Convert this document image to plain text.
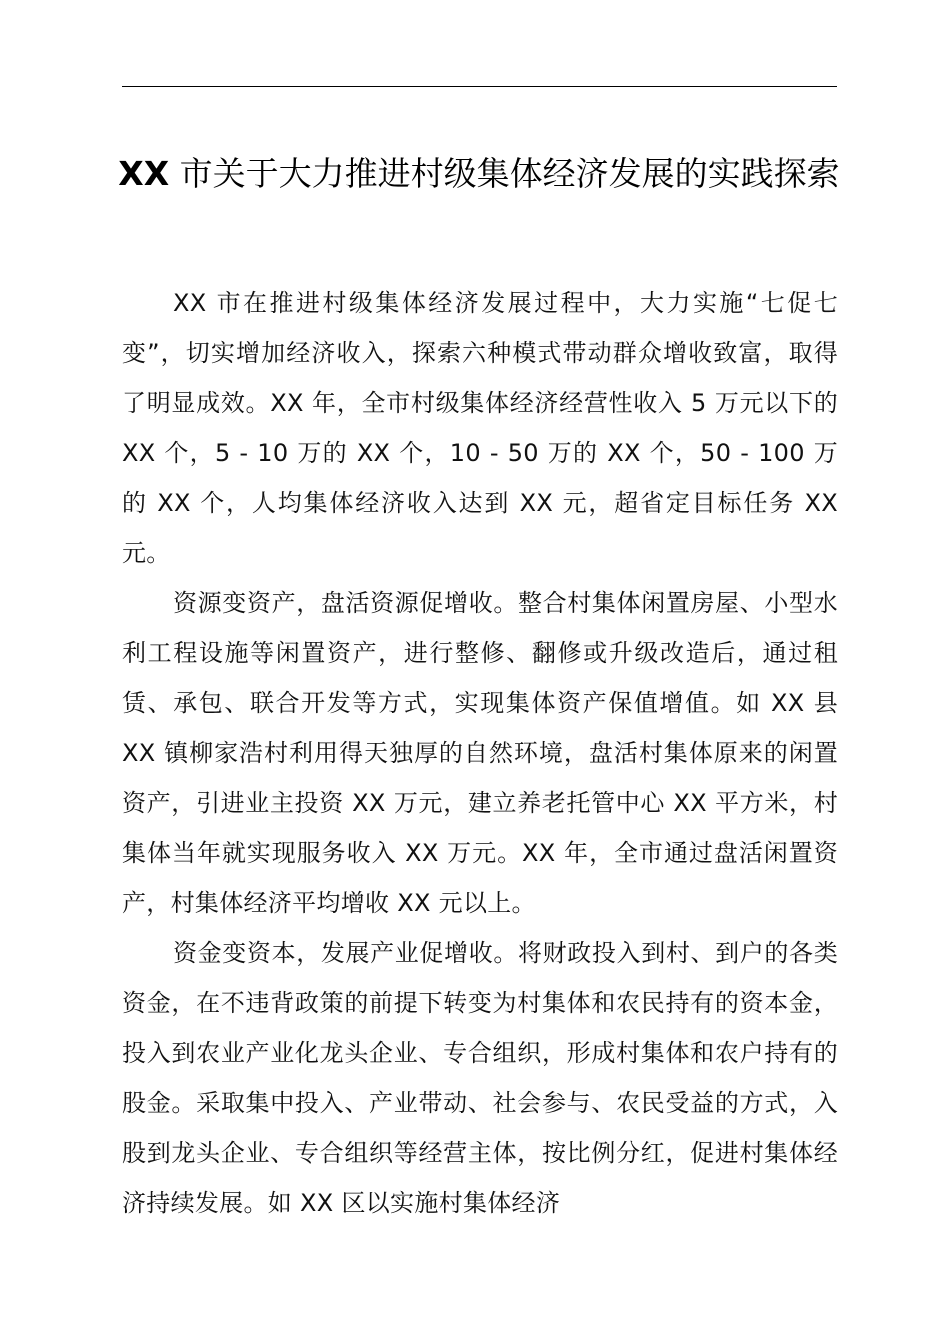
XX 市关于大力推进村级集体经济发展的实践探索

XX 市在推进村级集体经济发展过程中，大力实施“七促七变”，切实增加经济收入，探索六种模式带动群众增收致富，取得了明显成效。XX 年，全市村级集体经济经营性收入 5 万元以下的 XX 个，5 - 10 万的 XX 个，10 - 50 万的 XX 个，50 - 100 万的 XX 个，人均集体经济收入达到 XX 元，超省定目标任务 XX 元。

资源变资产，盘活资源促增收。整合村集体闲置房屋、小型水利工程设施等闲置资产，进行整修、翻修或升级改造后，通过租赁、承包、联合开发等方式，实现集体资产保值增值。如 XX 县 XX 镇柳家浩村利用得天独厚的自然环境，盘活村集体原来的闲置资产，引进业主投资 XX 万元，建立养老托管中心 XX 平方米，村集体当年就实现服务收入 XX 万元。XX 年，全市通过盘活闲置资产，村集体经济平均增收 XX 元以上。

资金变资本，发展产业促增收。将财政投入到村、到户的各类资金，在不违背政策的前提下转变为村集体和农民持有的资本金，投入到农业产业化龙头企业、专合组织，形成村集体和农户持有的股金。采取集中投入、产业带动、社会参与、农民受益的方式，入股到龙头企业、专合组织等经营主体，按比例分红，促进村集体经济持续发展。如 XX 区以实施村集体经济
